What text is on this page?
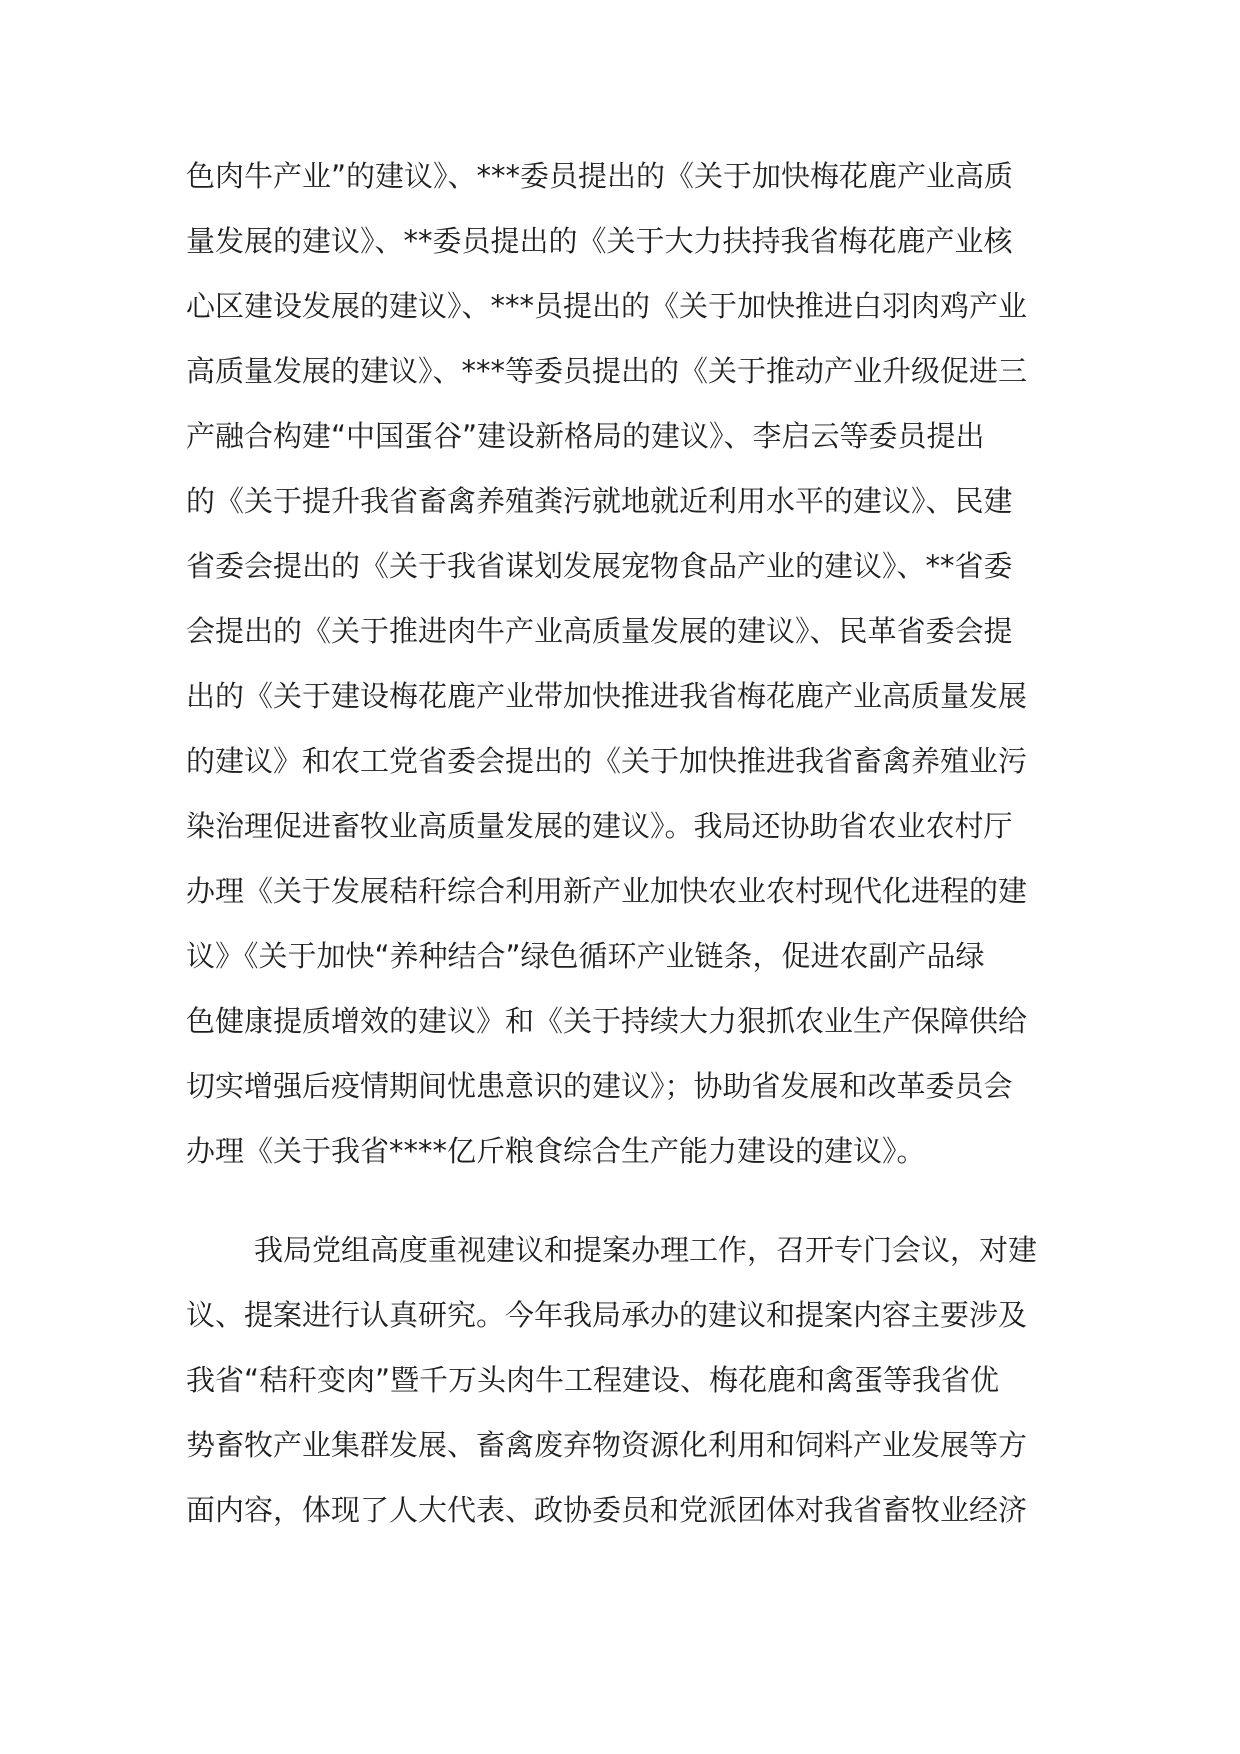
色肉牛产业”的建议》、***委员提出的《关于加快梅花鹿产业高质
量发展的建议》、**委员提出的《关于大力扶持我省梅花鹿产业核
心区建设发展的建议》、***员提出的《关于加快推进白羽肉鸡产业
高质量发展的建议》、***等委员提出的《关于推动产业升级促进三
产融合构建“中国蛋谷”建设新格局的建议》、李启云等委员提出
的《关于提升我省畜禽养殖粪污就地就近利用水平的建议》、民建
省委会提出的《关于我省谋划发展宠物食品产业的建议》、**省委
会提出的《关于推进肉牛产业高质量发展的建议》、民革省委会提
出的《关于建设梅花鹿产业带加快推进我省梅花鹿产业高质量发展
的建议》和农工党省委会提出的《关于加快推进我省畜禽养殖业污
染治理促进畜牧业高质量发展的建议》。我局还协助省农业农村厅
办理《关于发展秸秆综合利用新产业加快农业农村现代化进程的建
议》《关于加快“养种结合”绿色循环产业链条，促进农副产品绿
色健康提质增效的建议》和《关于持续大力狠抓农业生产保障供给
切实增强后疫情期间忧患意识的建议》；协助省发展和改革委员会
办理《关于我省****亿斤粮食综合生产能力建设的建议》。
我局党组高度重视建议和提案办理工作，召开专门会议，对建
议、提案进行认真研究。今年我局承办的建议和提案内容主要涉及
我省“秸秆变肉”暨千万头肉牛工程建设、梅花鹿和禽蛋等我省优
势畜牧产业集群发展、畜禽废弃物资源化利用和饲料产业发展等方
面内容，体现了人大代表、政协委员和党派团体对我省畜牧业经济
